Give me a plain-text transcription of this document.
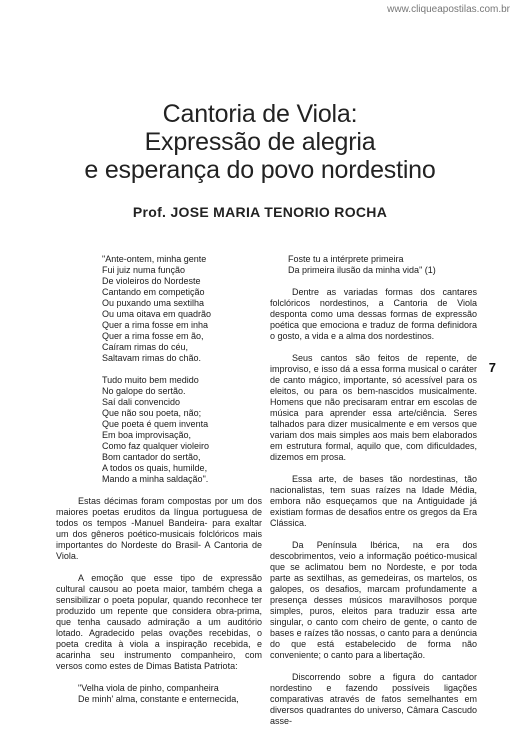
www.cliqueapostilas.com.br
Cantoria de Viola:
Expressão de alegria
e esperança do povo nordestino
Prof. JOSE MARIA TENORIO ROCHA
"Ante-ontem, minha gente
Fui juiz numa função
De violeiros do Nordeste
Cantando em competição
Ou puxando uma sextilha
Ou uma oitava em quadrão
Quer a rima fosse em inha
Quer a rima fosse em ão,
Caíram rimas do céu,
Saltavam rimas do chão.
Tudo muito bem medido
No galope do sertão.
Saí dali convencido
Que não sou poeta, não;
Que poeta é quem inventa
Em boa improvisação,
Como faz qualquer violeiro
Bom cantador do sertão,
A todos os quais, humilde,
Mando a minha saldação".

Estas décimas foram compostas por um dos maiores poetas eruditos da língua portuguesa de todos os tempos -Manuel Bandeira- para exaltar um dos gêneros poético-musicais folclóricos mais importantes do Nordeste do Brasil- A Cantoria de Viola.

A emoção que esse tipo de expressão cultural causou ao poeta maior, também chega a sensibilizar o poeta popular, quando reconhece ter produzido um repente que considera obra-prima, que tenha causado admiração a um auditório lotado. Agradecido pelas ovações recebidas, o poeta credita à viola a inspiração recebida, e acarinha seu instrumento companheiro, com versos como estes de Dimas Batista Patriota:

"Velha viola de pinho, companheira
De minh' alma, constante e enternecida,
Foste tu a intérprete primeira
Da primeira ilusão da minha vida" (1)

Dentre as variadas formas dos cantares folclóricos nordestinos, a Cantoria de Viola desponta como uma dessas formas de expressão poética que emociona e traduz de forma definidora o gosto, a vida e a alma dos nordestinos.

Seus cantos são feitos de repente, de improviso, e isso dá a essa forma musical o caráter de canto mágico, importante, só acessível para os eleitos, ou para os bem-nascidos musicalmente. Homens que não precisaram entrar em escolas de música para aprender essa arte/ciência. Seres talhados para dizer musicalmente e em versos que variam dos mais simples aos mais bem elaborados em estrutura formal, aquilo que, com dificuldades, dizemos em prosa.

Essa arte, de bases tão nordestinas, tão nacionalistas, tem suas raízes na Idade Média, embora não esqueçamos que na Antiguidade já existiam formas de desafios entre os gregos da Era Clássica.

Da Península Ibérica, na era dos descobrimentos, veio a informação poético-musical que se aclimatou bem no Nordeste, e por toda parte as sextilhas, as gemedeiras, os martelos, os galopes, os desafios, marcam profundamente a presença desses músicos maravilhosos porque simples, puros, eleitos para traduzir essa arte singular, o canto com cheiro de gente, o canto de bases e raízes tão nossas, o canto para a denúncia do que está estabelecido de forma não conveniente; o canto para a libertação.

Discorrendo sobre a figura do cantador nordestino e fazendo possíveis ligações comparativas através de fatos semelhantes em diversos quadrantes do universo, Câmara Cascudo asse-

7
